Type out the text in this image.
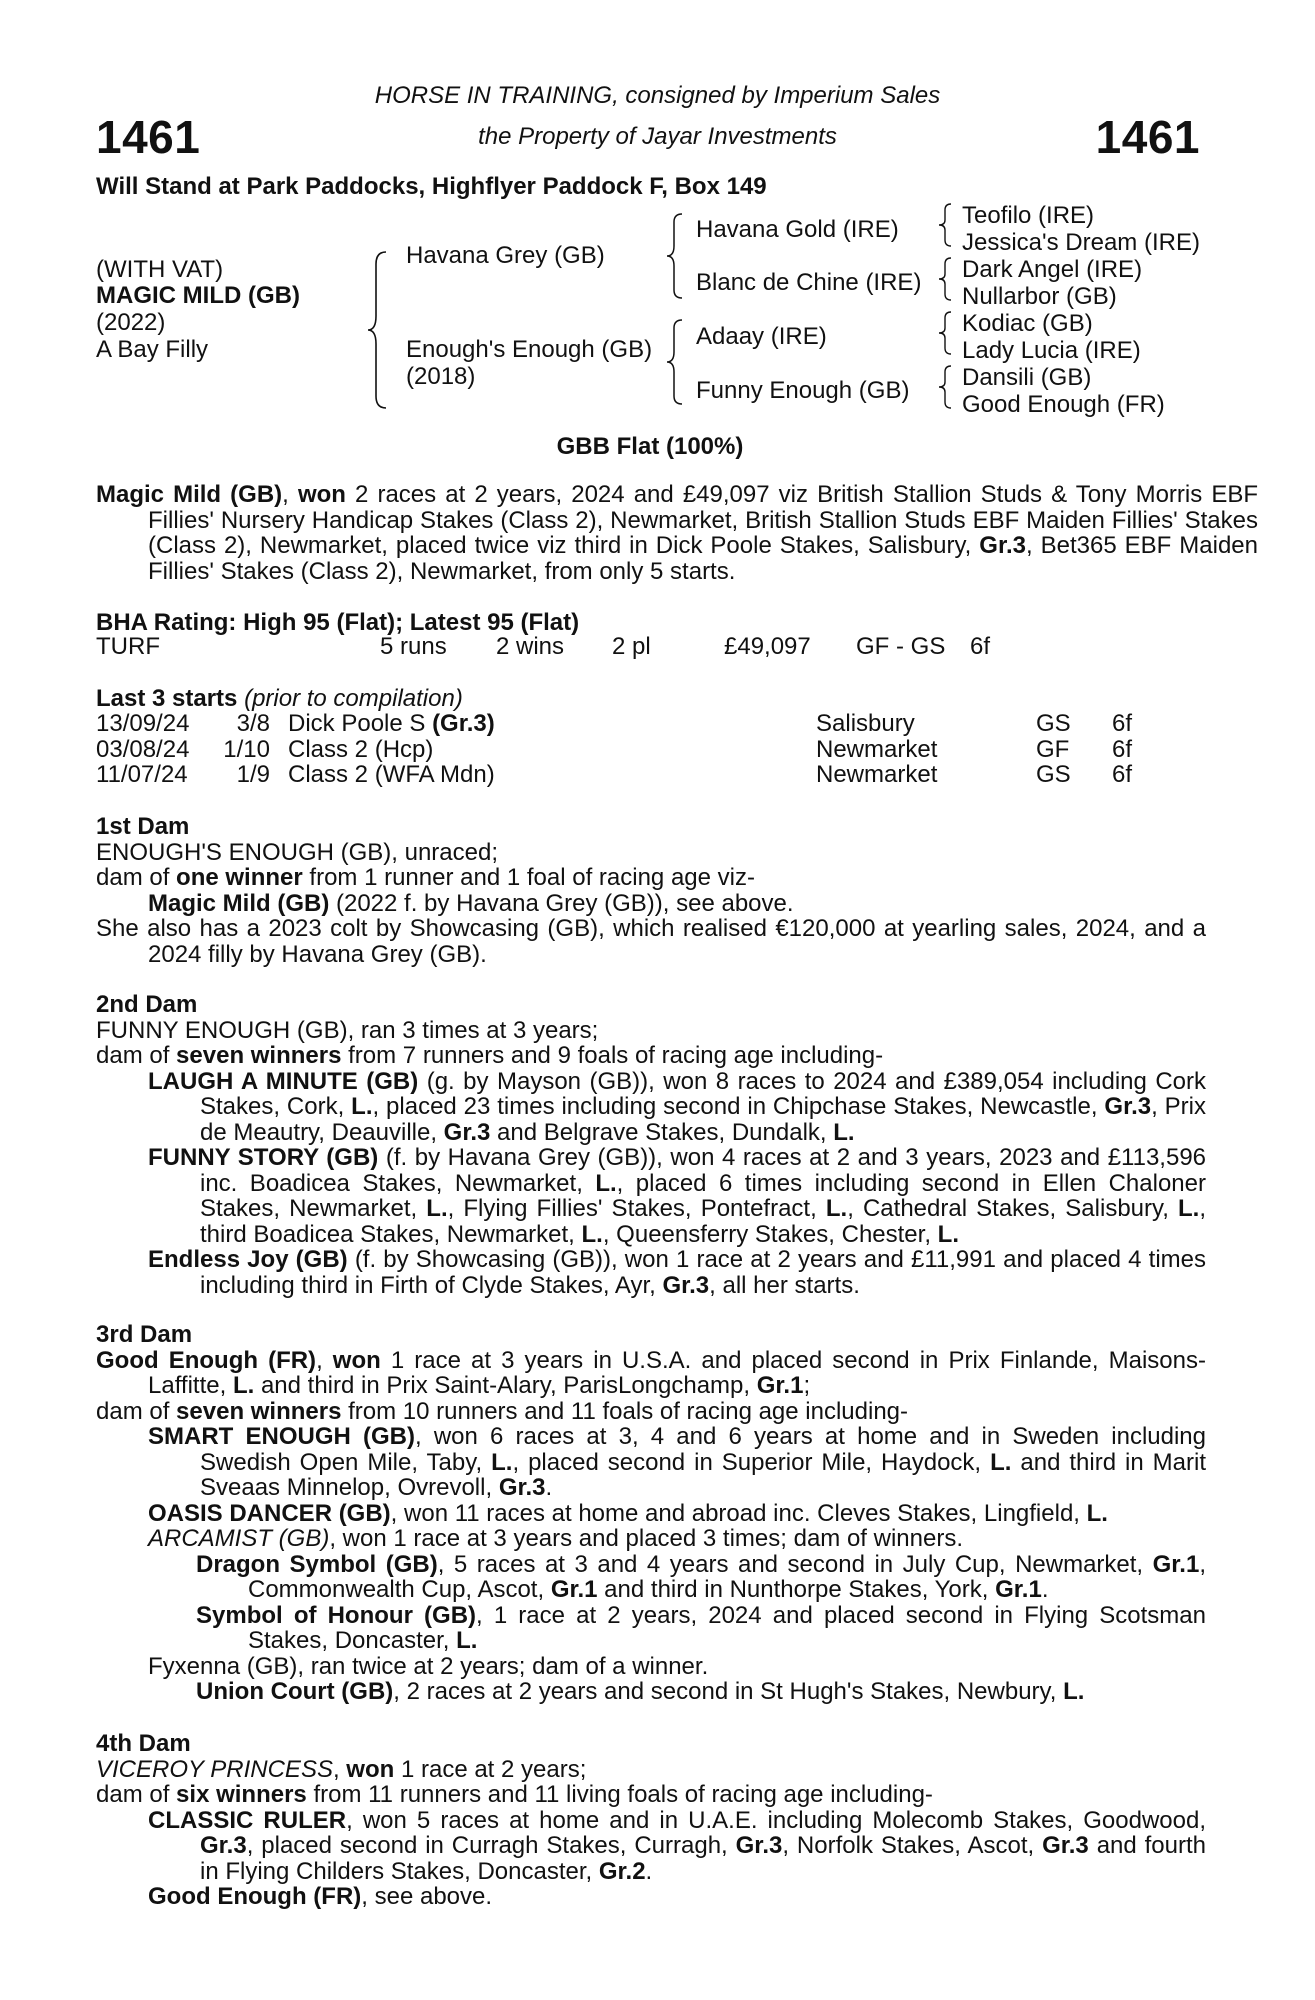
1461	1461
HORSE IN TRAINING, consigned by Imperium Sales
the Property of Jayar Investments
Will Stand at Park Paddocks, Highflyer Paddock F, Box 149
(WITH VAT)
MAGIC MILD (GB)
(2022)
A Bay Filly
Havana Grey (GB)
Enough's Enough (GB)
(2018)
Havana Gold (IRE)
Blanc de Chine (IRE)
Adaay (IRE)
Funny Enough (GB)
Teofilo (IRE)
Jessica's Dream (IRE)
Dark Angel (IRE)
Nullarbor (GB)
Kodiac (GB)
Lady Lucia (IRE)
Dansili (GB)
Good Enough (FR)
GBB Flat (100%)
Magic Mild (GB), won 2 races at 2 years, 2024 and £49,097 viz British Stallion Studs & Tony Morris EBF Fillies' Nursery Handicap Stakes (Class 2), Newmarket, British Stallion Studs EBF Maiden Fillies' Stakes (Class 2), Newmarket, placed twice viz third in Dick Poole Stakes, Salisbury, Gr.3, Bet365 EBF Maiden Fillies' Stakes (Class 2), Newmarket, from only 5 starts.
BHA Rating: High 95 (Flat); Latest 95 (Flat)
TURF	5 runs 2 wins 2 pl	£49,097 GF - GS 6f
Last 3 starts (prior to compilation)
13/09/24	3/8 Dick Poole S (Gr.3)	Salisbury	GS 6f
03/08/24	1/10 Class 2 (Hcp)	Newmarket	GF 6f
11/07/24	1/9 Class 2 (WFA Mdn)	Newmarket	GS 6f
1st Dam
ENOUGH'S ENOUGH (GB), unraced;
dam of one winner from 1 runner and 1 foal of racing age viz-
Magic Mild (GB) (2022 f. by Havana Grey (GB)), see above.
She also has a 2023 colt by Showcasing (GB), which realised €120,000 at yearling sales, 2024, and a 2024 filly by Havana Grey (GB).
2nd Dam
FUNNY ENOUGH (GB), ran 3 times at 3 years;
dam of seven winners from 7 runners and 9 foals of racing age including-
LAUGH A MINUTE (GB) (g. by Mayson (GB)), won 8 races to 2024 and £389,054 including Cork Stakes, Cork, L., placed 23 times including second in Chipchase Stakes, Newcastle, Gr.3, Prix de Meautry, Deauville, Gr.3 and Belgrave Stakes, Dundalk, L.
FUNNY STORY (GB) (f. by Havana Grey (GB)), won 4 races at 2 and 3 years, 2023 and £113,596 inc. Boadicea Stakes, Newmarket, L., placed 6 times including second in Ellen Chaloner Stakes, Newmarket, L., Flying Fillies' Stakes, Pontefract, L., Cathedral Stakes, Salisbury, L., third Boadicea Stakes, Newmarket, L., Queensferry Stakes, Chester, L.
Endless Joy (GB) (f. by Showcasing (GB)), won 1 race at 2 years and £11,991 and placed 4 times including third in Firth of Clyde Stakes, Ayr, Gr.3, all her starts.
3rd Dam
Good Enough (FR), won 1 race at 3 years in U.S.A. and placed second in Prix Finlande, Maisons-Laffitte, L. and third in Prix Saint-Alary, ParisLongchamp, Gr.1;
dam of seven winners from 10 runners and 11 foals of racing age including-
SMART ENOUGH (GB), won 6 races at 3, 4 and 6 years at home and in Sweden including Swedish Open Mile, Taby, L., placed second in Superior Mile, Haydock, L. and third in Marit Sveaas Minnelop, Ovrevoll, Gr.3.
OASIS DANCER (GB), won 11 races at home and abroad inc. Cleves Stakes, Lingfield, L.
ARCAMIST (GB), won 1 race at 3 years and placed 3 times; dam of winners.
Dragon Symbol (GB), 5 races at 3 and 4 years and second in July Cup, Newmarket, Gr.1, Commonwealth Cup, Ascot, Gr.1 and third in Nunthorpe Stakes, York, Gr.1.
Symbol of Honour (GB), 1 race at 2 years, 2024 and placed second in Flying Scotsman Stakes, Doncaster, L.
Fyxenna (GB), ran twice at 2 years; dam of a winner.
Union Court (GB), 2 races at 2 years and second in St Hugh's Stakes, Newbury, L.
4th Dam
VICEROY PRINCESS, won 1 race at 2 years;
dam of six winners from 11 runners and 11 living foals of racing age including-
CLASSIC RULER, won 5 races at home and in U.A.E. including Molecomb Stakes, Goodwood, Gr.3, placed second in Curragh Stakes, Curragh, Gr.3, Norfolk Stakes, Ascot, Gr.3 and fourth in Flying Childers Stakes, Doncaster, Gr.2.
Good Enough (FR), see above.
